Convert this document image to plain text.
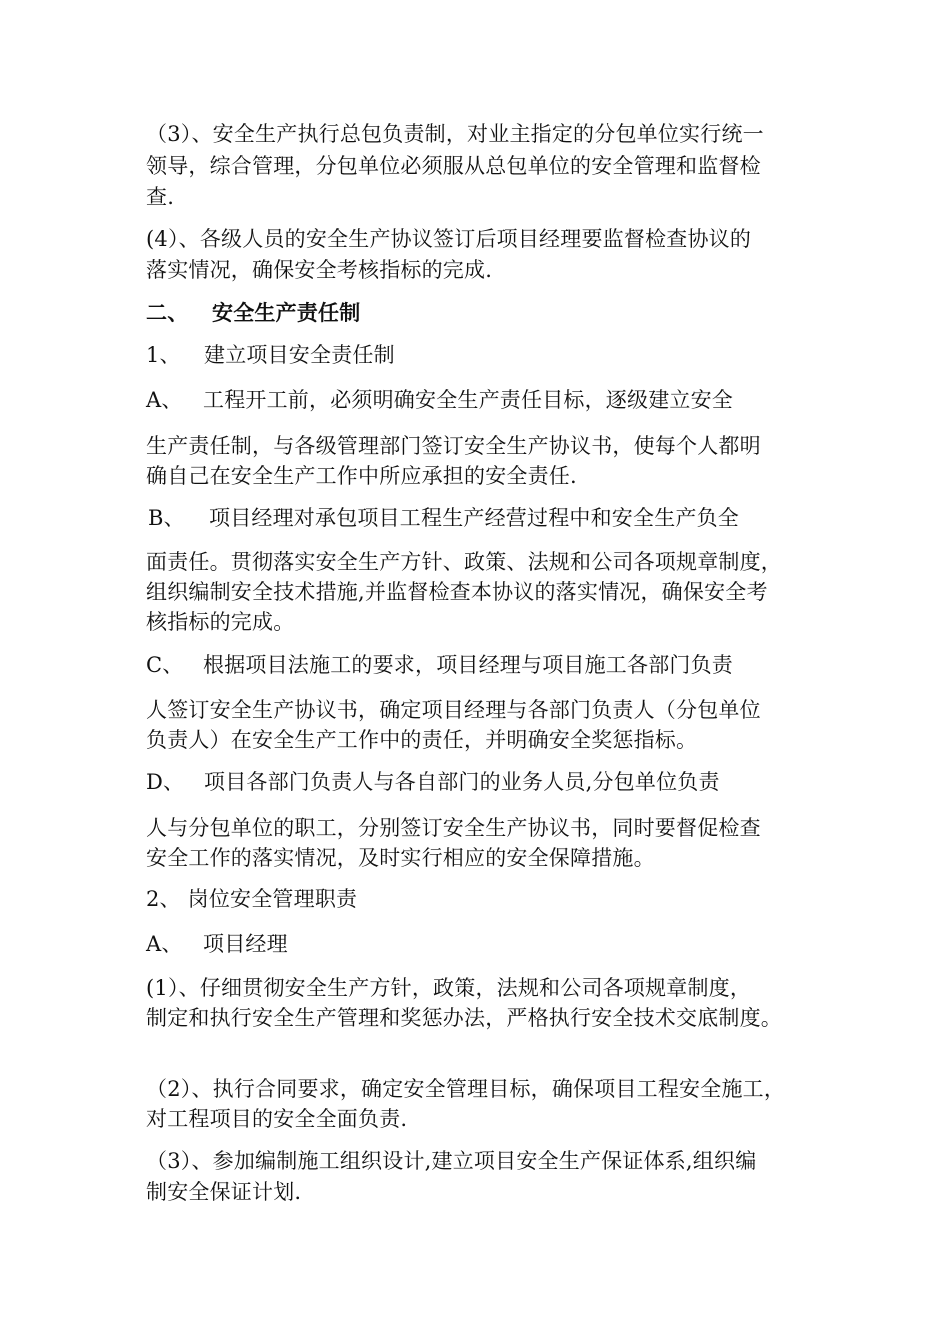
（3）、安全生产执行总包负责制，对业主指定的分包单位实行统一
领导，综合管理，分包单位必须服从总包单位的安全管理和监督检
查.
(4）、各级人员的安全生产协议签订后项目经理要监督检查协议的
落实情况，确保安全考核指标的完成.
二、 安全生产责任制
1、 建立项目安全责任制
A、 工程开工前，必须明确安全生产责任目标，逐级建立安全
生产责任制，与各级管理部门签订安全生产协议书，使每个人都明
确自己在安全生产工作中所应承担的安全责任.
B、 项目经理对承包项目工程生产经营过程中和安全生产负全
面责任。贯彻落实安全生产方针、政策、法规和公司各项规章制度，
组织编制安全技术措施,并监督检查本协议的落实情况，确保安全考
核指标的完成。
C、 根据项目法施工的要求，项目经理与项目施工各部门负责
人签订安全生产协议书，确定项目经理与各部门负责人（分包单位
负责人）在安全生产工作中的责任，并明确安全奖惩指标。
D、 项目各部门负责人与各自部门的业务人员,分包单位负责
人与分包单位的职工，分别签订安全生产协议书，同时要督促检查
安全工作的落实情况，及时实行相应的安全保障措施。
2、 岗位安全管理职责
A、 项目经理
(1）、仔细贯彻安全生产方针，政策，法规和公司各项规章制度，
制定和执行安全生产管理和奖惩办法，严格执行安全技术交底制度。
（2）、执行合同要求，确定安全管理目标，确保项目工程安全施工，
对工程项目的安全全面负责.
（3）、参加编制施工组织设计,建立项目安全生产保证体系,组织编
制安全保证计划.
